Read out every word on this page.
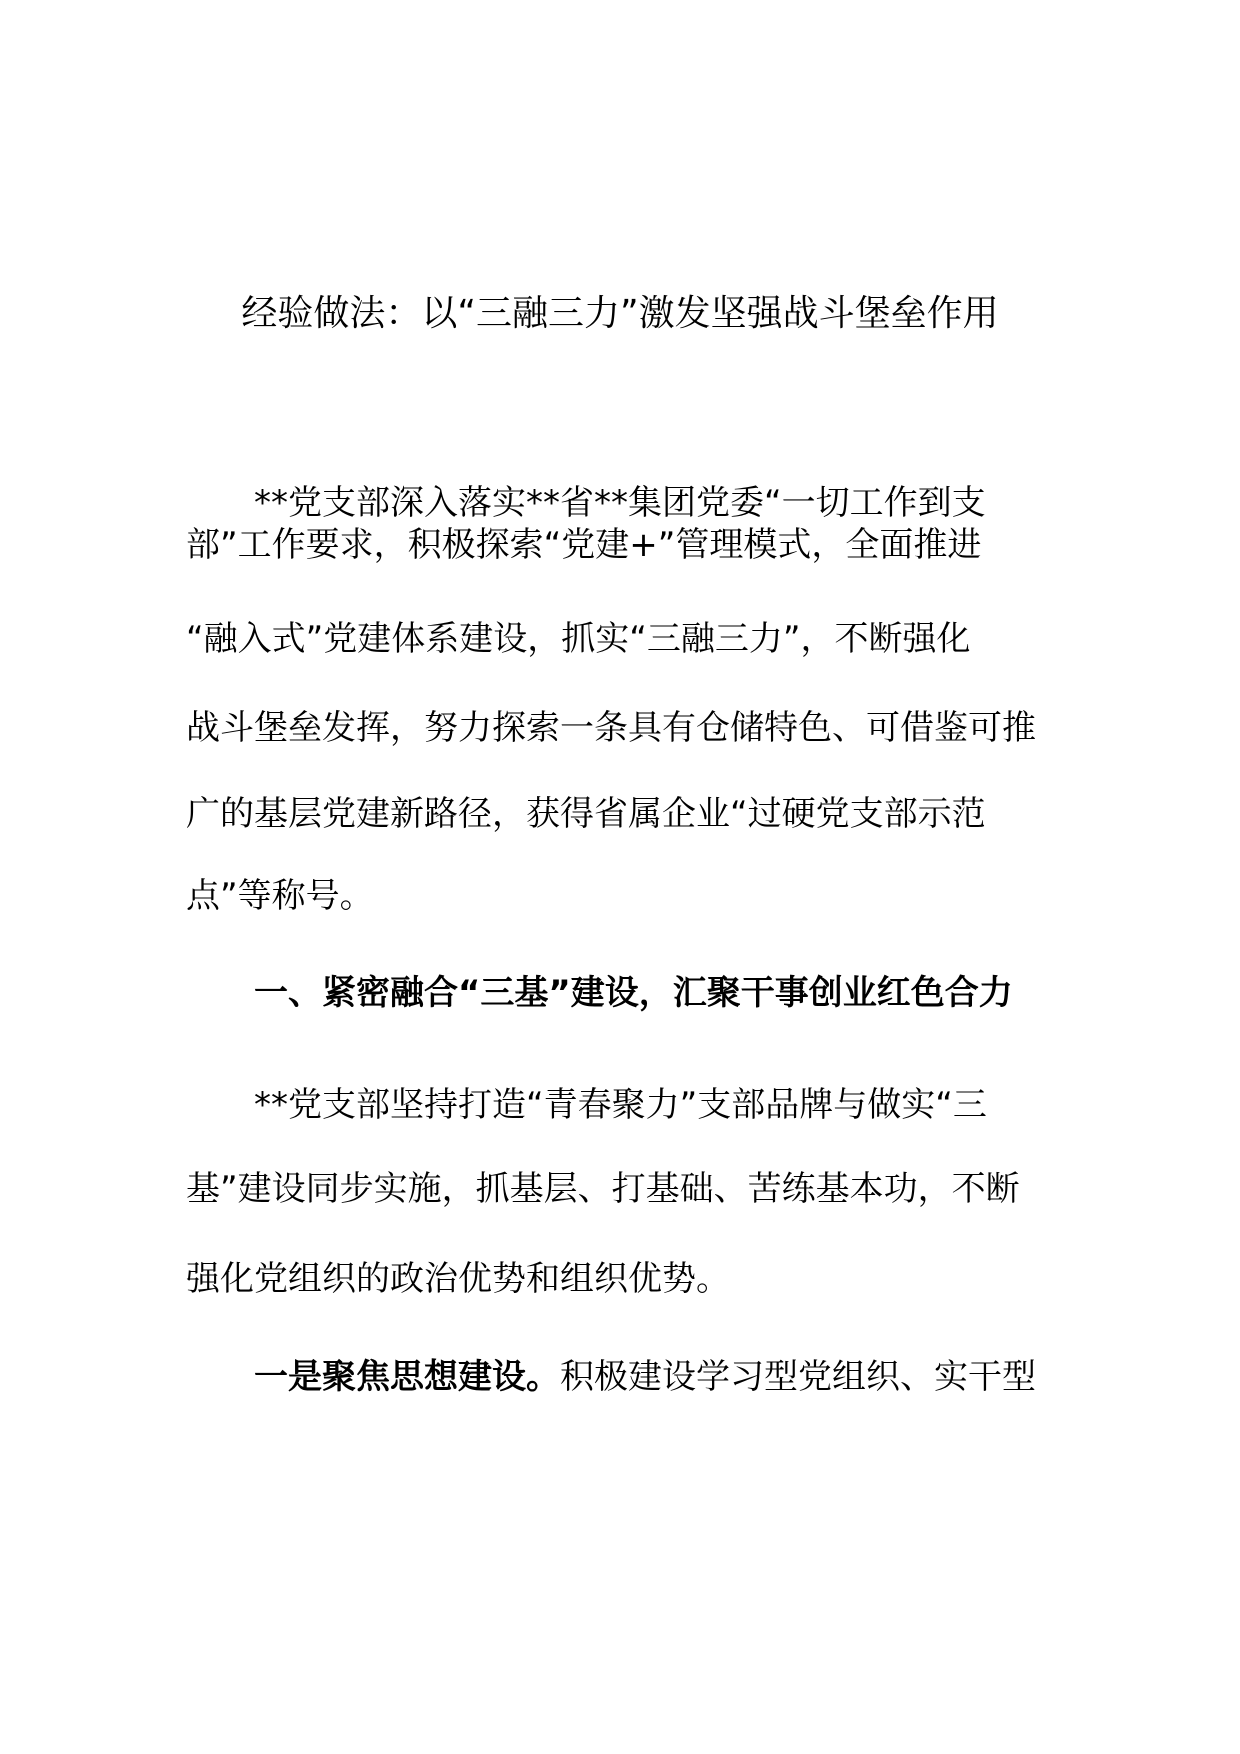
经验做法：以“三融三力”激发坚强战斗堡垒作用
**党支部深入落实**省**集团党委“一切工作到支
部”工作要求，积极探索“党建+”管理模式，全面推进
“融入式”党建体系建设，抓实“三融三力”，不断强化
战斗堡垒发挥，努力探索一条具有仓储特色、可借鉴可推
广的基层党建新路径，获得省属企业“过硬党支部示范
点”等称号。
一、紧密融合“三基”建设，汇聚干事创业红色合力
**党支部坚持打造“青春聚力”支部品牌与做实“三
基”建设同步实施，抓基层、打基础、苦练基本功，不断
强化党组织的政治优势和组织优势。
一是聚焦思想建设。积极建设学习型党组织、实干型
